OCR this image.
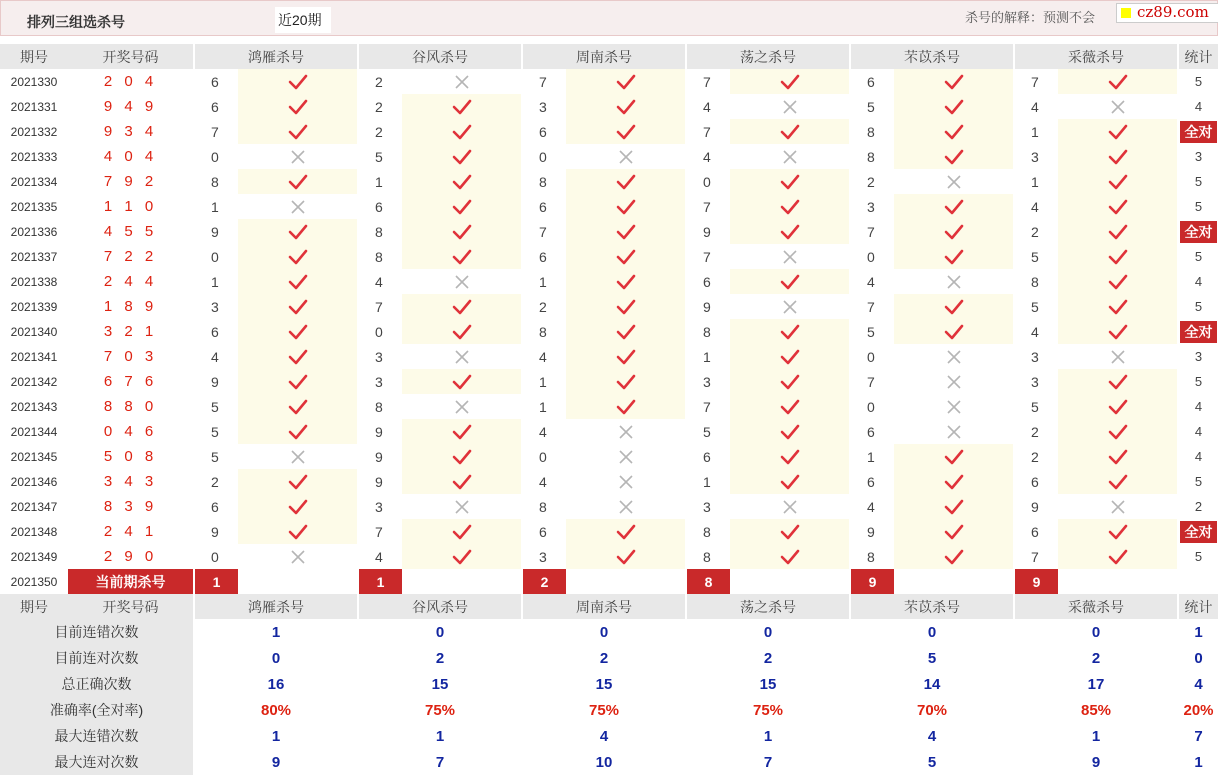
排列三组选杀号	近20期	杀号的解释：预测不会	cz89.com
期号	开奖号码	鸿雁杀号		谷风杀号		周南杀号		荡之杀号		芣苡杀号		采薇杀号		统计
2021330	2 0 4	6		2		7		7		6		7		5
2021331	9 4 9	6		2		3		4		5		4		4
2021332	9 3 4	7		2		6		7		8		1		全对

2021333	4 0 4	0		5		0		4		8		3		3
2021334	7 9 2	8		1		8		0		2		1		5
2021335	1 1 0	1		6		6		7		3		4		5
2021336	4 5 5	9		8		7		9		7		2		全对

2021337	7 2 2	0		8		6		7		0		5		5
2021338	2 4 4	1		4		1		6		4		8		4
2021339	1 8 9	3		7		2		9		7		5		5
2021340	3 2 1	6		0		8		8		5		4		全对

2021341	7 0 3	4		3		4		1		0		3		3
2021342	6 7 6	9		3		1		3		7		3		5
2021343	8 8 0	5		8		1		7		0		5		4
2021344	0 4 6	5		9		4		5		6		2		4
2021345	5 0 8	5		9		0		6		1		2		4
2021346	3 4 3	2		9		4		1		6		6		5
2021347	8 3 9	6		3		8		3		4		9		2
2021348	2 4 1	9		7		6		8		9		6		全对

2021349	2 9 0	0		4		3		8		8		7		5
2021350	当前期杀号	1		1		2		8		9		9		
期号	开奖号码	鸿雁杀号		谷风杀号		周南杀号		荡之杀号		芣苡杀号		采薇杀号		统计
目前连错次数		1		0		0		0		0		0		1
目前连对次数		0		2		2		2		5		2		0
总正确次数		16		15		15		15		14		17		4
准确率(全对率)		80%		75%		75%		75%		70%		85%		20%
最大连错次数		1		1		4		1		4		1		7
最大连对次数		9		7		10		7		5		9		1
